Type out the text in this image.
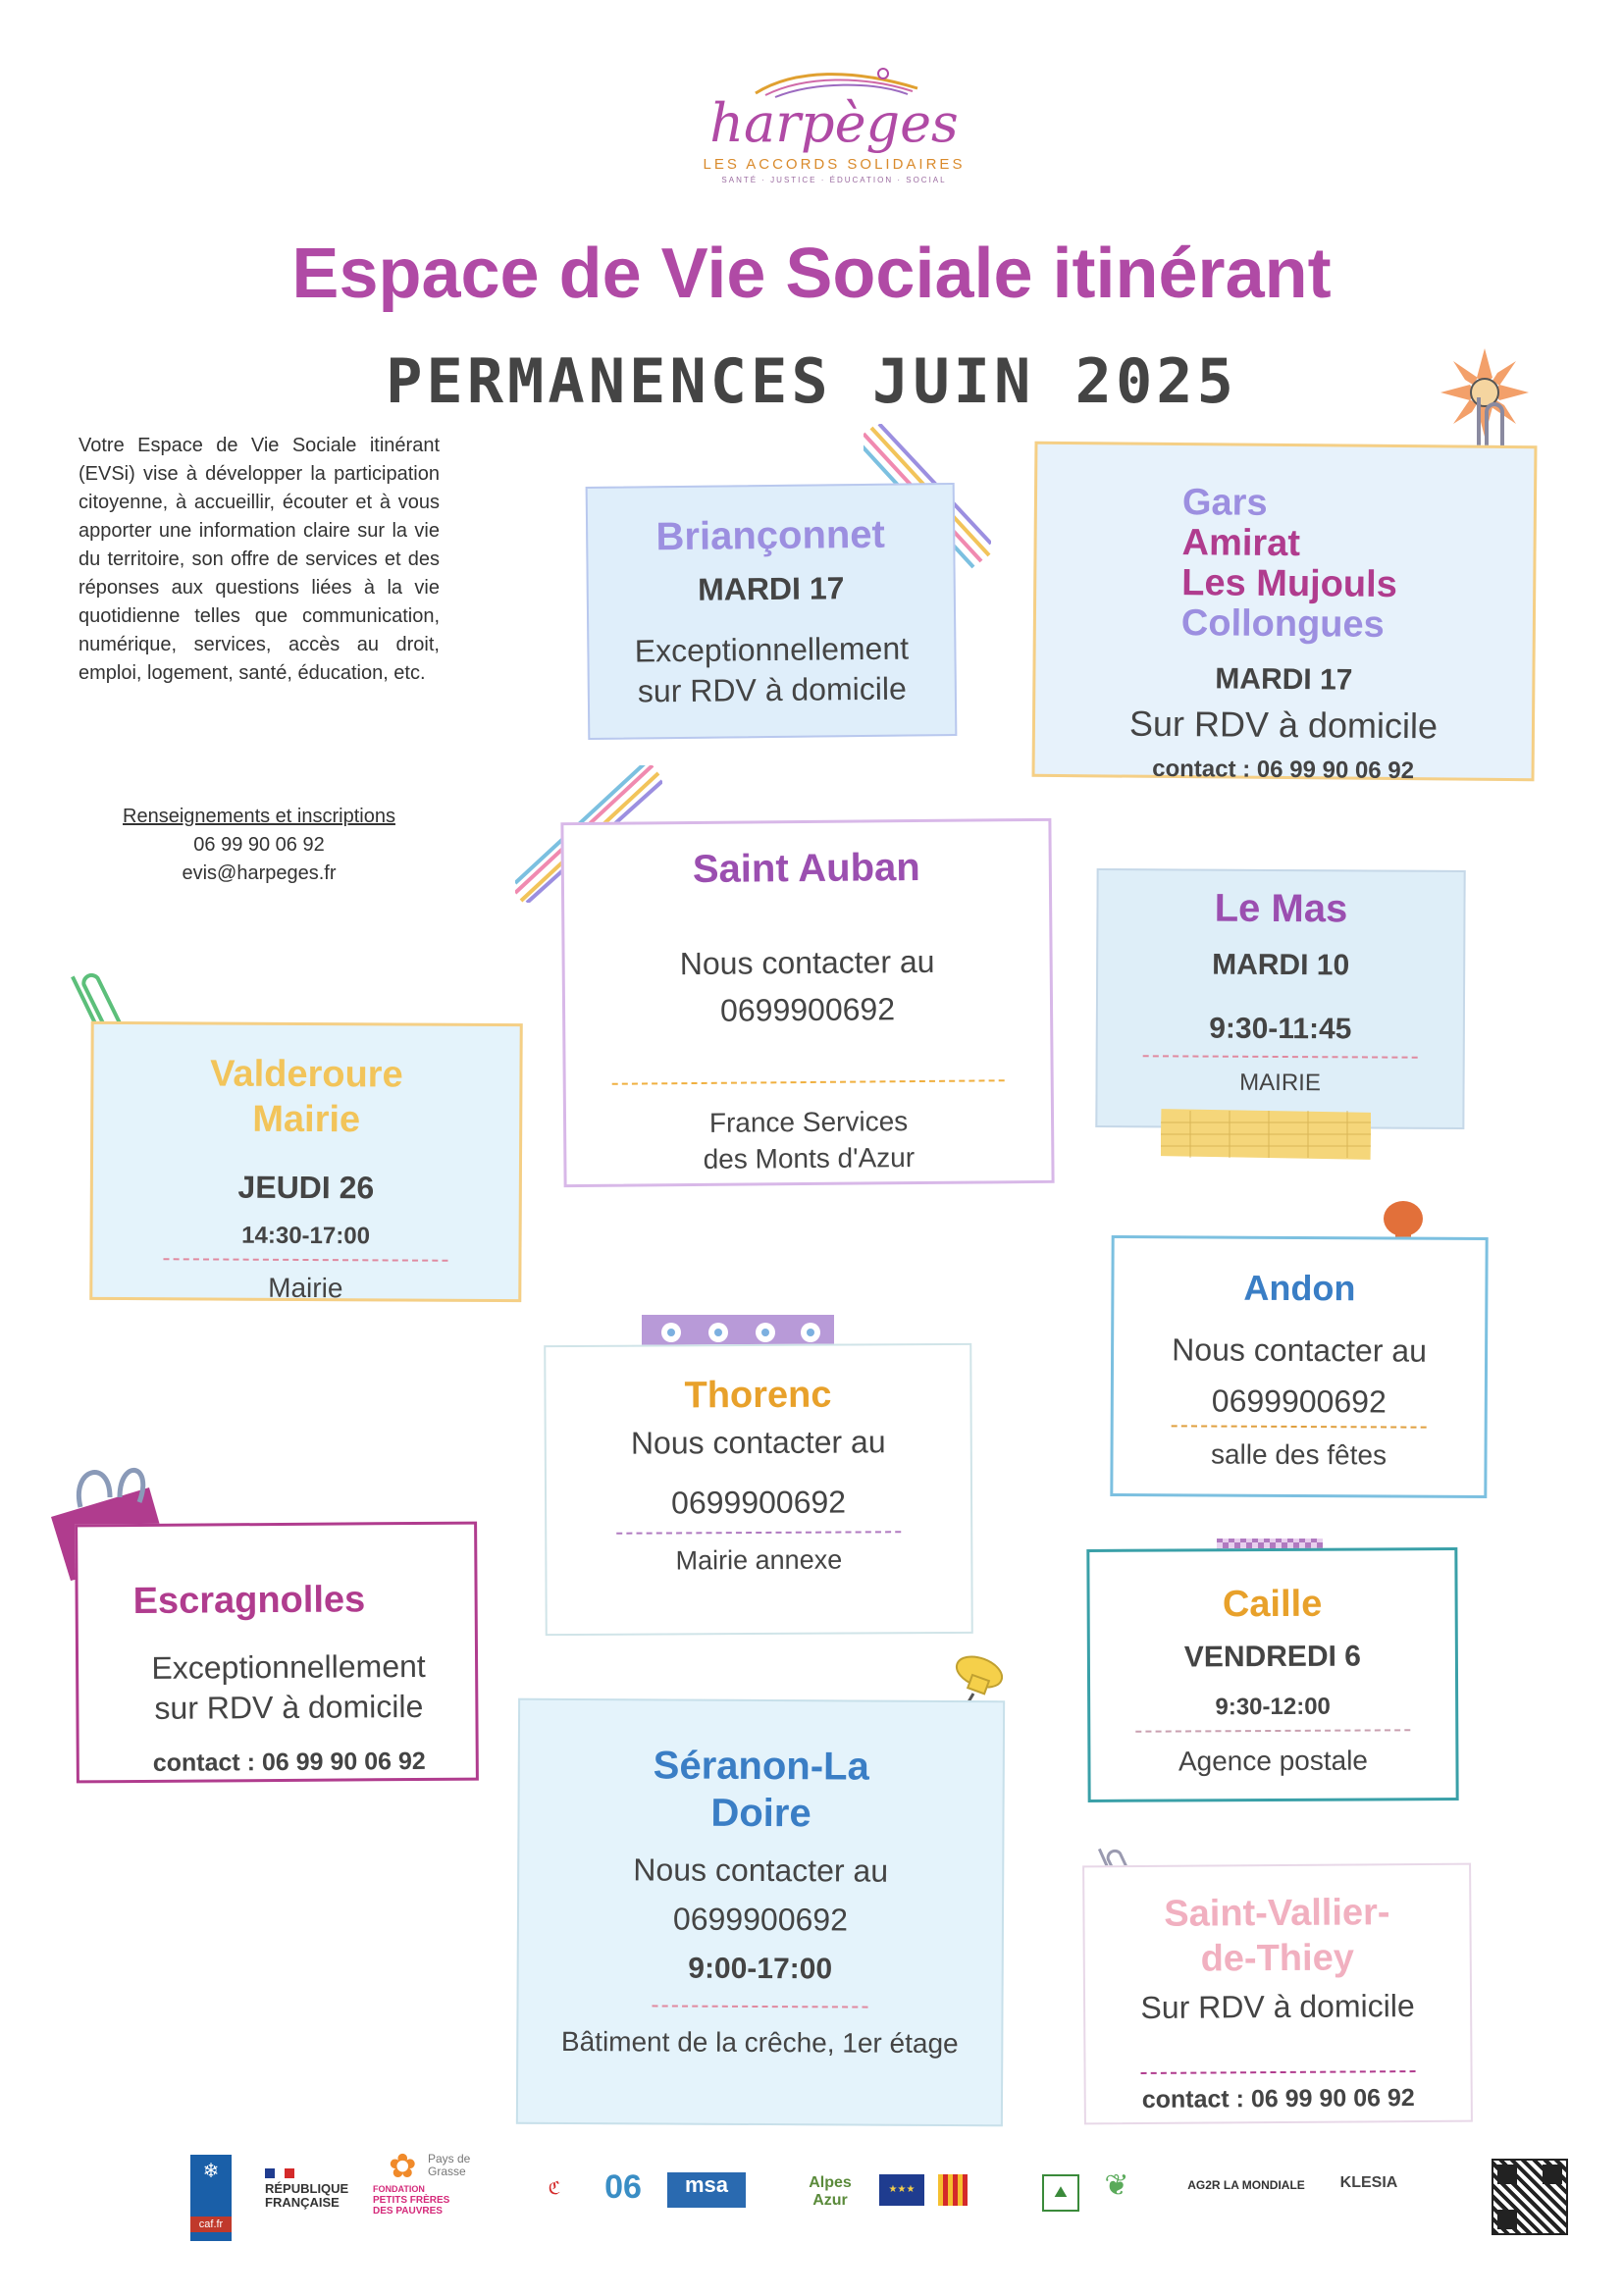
harpèges
LES ACCORDS SOLIDAIRES
SANTÉ · JUSTICE · ÉDUCATION · SOCIAL
Espace de Vie Sociale itinérant
PERMANENCES JUIN 2025
Votre Espace de Vie Sociale itinérant (EVSi) vise à développer la participation citoyenne, à accueillir, écouter et à vous apporter une information claire sur la vie du territoire, son offre de services et des réponses aux questions liées à la vie quotidienne telles que communication, numérique, services, accès au droit, emploi, logement, santé, éducation, etc.
Renseignements et inscriptions
06 99 90 06 92
evis@harpeges.fr
Briançonnet
MARDI 17
Exceptionnellement
sur RDV à domicile
Gars
Amirat
Les Mujouls
Collongues
MARDI 17
Sur RDV à domicile
contact : 06 99 90 06 92
Saint Auban
Nous contacter au
0699900692
France Services
des Monts d'Azur
Le Mas
MARDI 10
9:30-11:45
MAIRIE
Valderoure
Mairie
JEUDI 26
14:30-17:00
Mairie	Andon
Nous contacter au
0699900692
salle des fêtes
Thorenc
Nous contacter au
0699900692
Mairie annexe
Escragnolles
Exceptionnellement
sur RDV à domicile
contact : 06 99 90 06 92
Caille
VENDREDI 6
9:30-12:00
Agence postale
Séranon-La
Doire
Nous contacter au
0699900692
9:00-17:00
Bâtiment de la crêche, 1er étage
Saint-Vallier-
de-Thiey
Sur RDV à domicile
contact : 06 99 90 06 92
❄
caf.fr
RÉPUBLIQUE
FRANÇAISE
✿ Pays de Grasse
FONDATION
PETITS FRÈRES
DES PAUVRES
ℭ	06	msa	Alpes Azur
★★★	⛰	❦	AG2R LA MONDIALE	KLESIA
